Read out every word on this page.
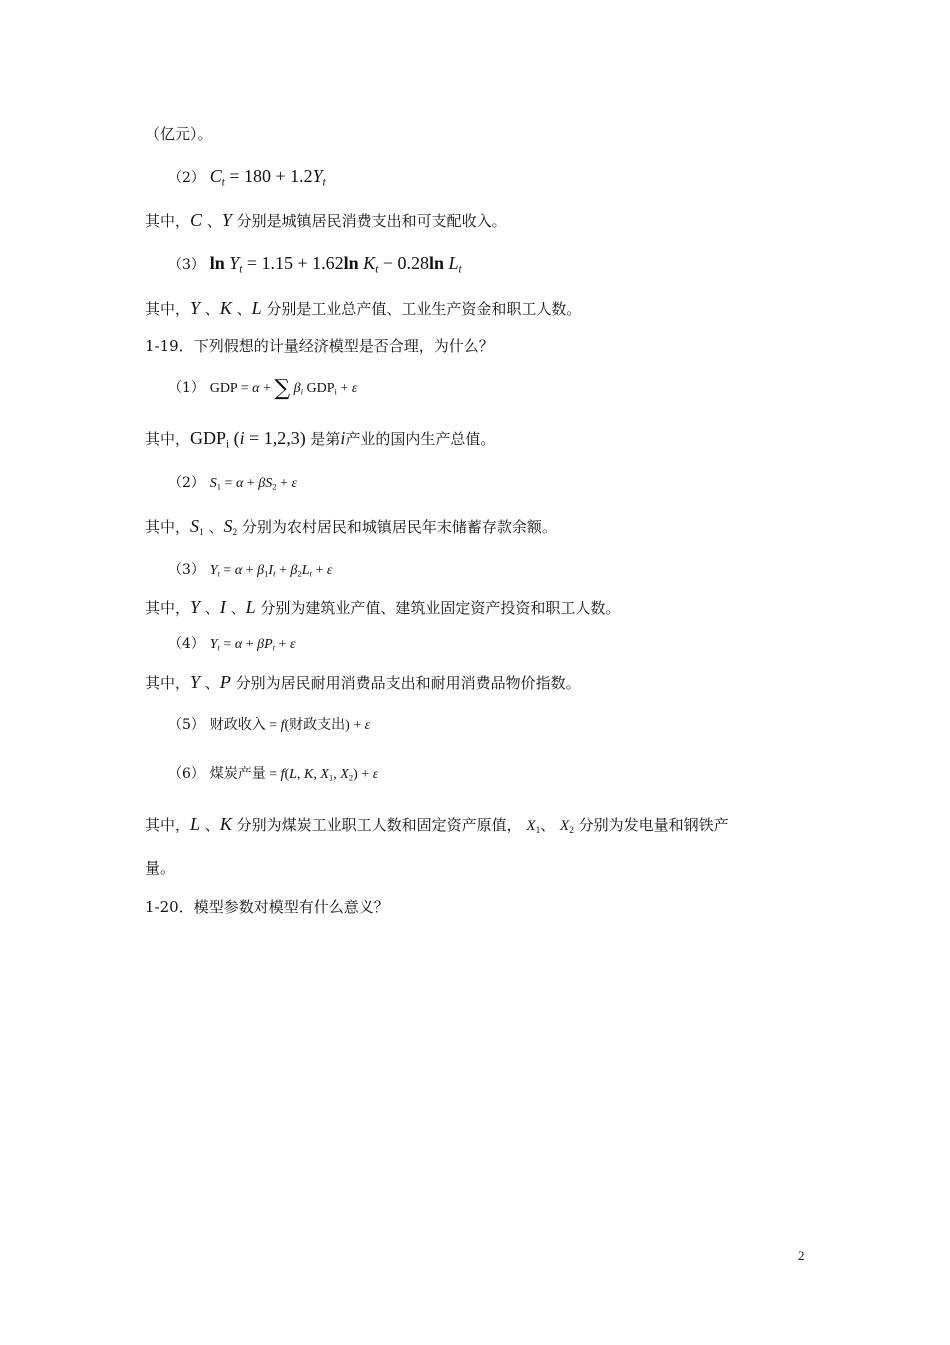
（亿元）。
（2） $C_t = 180 + 1.2Y_t$
其中，C 、Y 分别是城镇居民消费支出和可支配收入。
（3） $\ln Y_t = 1.15 + 1.62\ln$ $K_t - 0.28\ln$ $L_t$
其中，Y 、K 、L 分别是工业总产值、工业生产资金和职工人数。
1-19．下列假想的计量经济模型是否合理，为什么？
（1） GDP = α + ∑ $\beta_i$ $GDP_i + \varepsilon$
其中，$GDP_i$ (i = 1,2,3) 是第i产业的国内生产总值。
（2） $S_1 = \alpha + \beta S_2 + \varepsilon$
其中，$S_1$ 、$S_2$ 分别为农村居民和城镇居民年末储蓄存款余额。
（3） $Y_t = \alpha + \beta_1I_t + \beta_2L_t + \varepsilon$
其中，Y 、I 、L 分别为建筑业产值、建筑业固定资产投资和职工人数。
（4） $Y_t = \alpha + \beta P_t + \varepsilon$
其中，Y 、P 分别为居民耐用消费品支出和耐用消费品物价指数。
（5） 财政收入 = f(财政支出) + ε
（6） 煤炭产量 = f(L, K, $X_1$, $X_2) + \varepsilon$
其中，L 、K 分别为煤炭工业职工人数和固定资产原值， $X_1$、 $X_2$ 分别为发电量和钢铁产
量。
1-20．模型参数对模型有什么意义？
2
